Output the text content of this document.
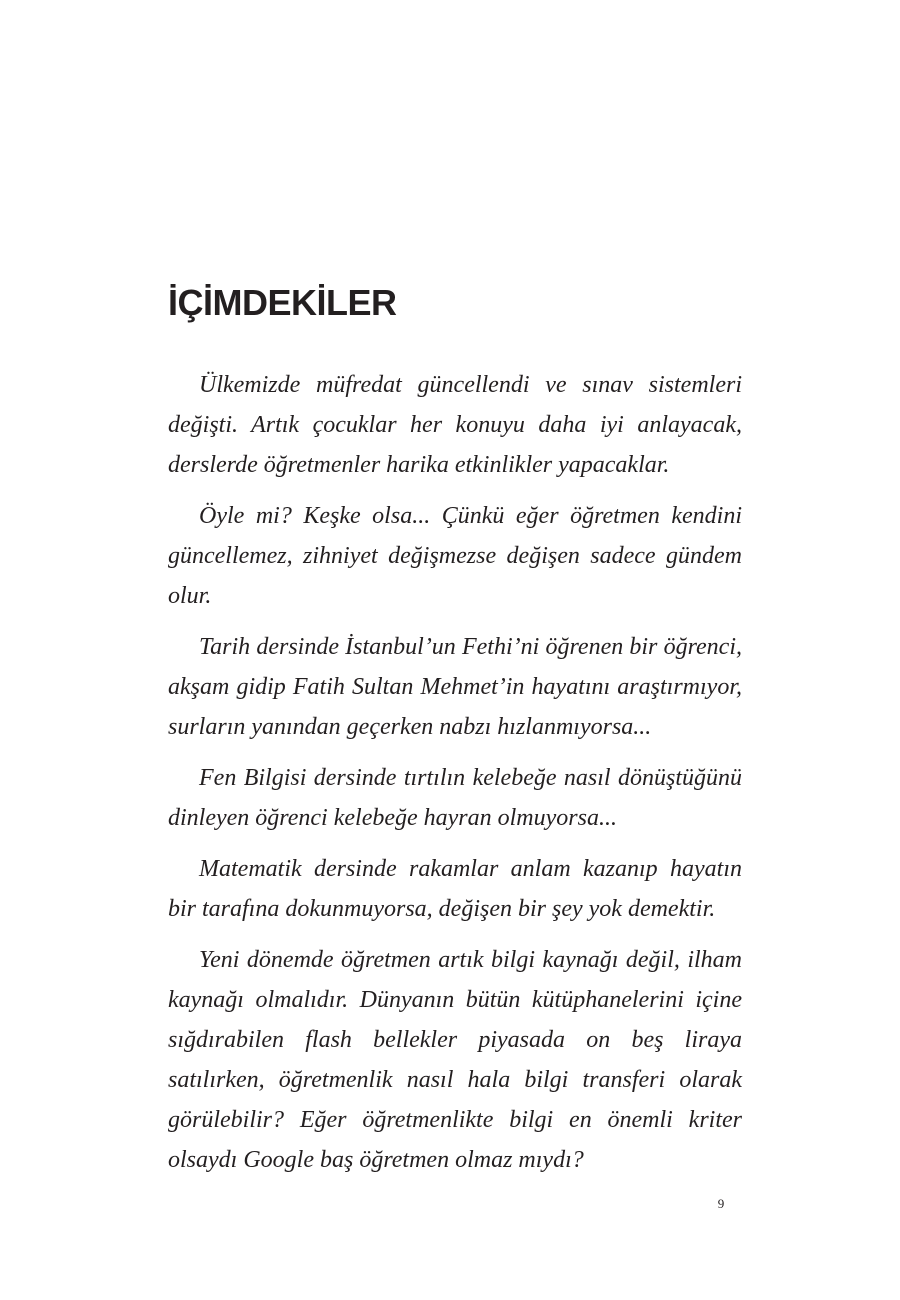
İÇİMDEKİLER

Ülkemizde müfredat güncellendi ve sınav sistemleri değişti. Artık çocuklar her konuyu daha iyi anlayacak, derslerde öğretmenler harika etkinlikler yapacaklar.

Öyle mi? Keşke olsa... Çünkü eğer öğretmen kendini güncellemez, zihniyet değişmezse değişen sadece gündem olur.

Tarih dersinde İstanbul’un Fethi’ni öğrenen bir öğrenci, akşam gidip Fatih Sultan Mehmet’in hayatını araştırmıyor, surların yanından geçerken nabzı hızlanmıyorsa...

Fen Bilgisi dersinde tırtılın kelebeğe nasıl dönüştüğünü dinleyen öğrenci kelebeğe hayran olmuyorsa...

Matematik dersinde rakamlar anlam kazanıp hayatın bir tarafına dokunmuyorsa, değişen bir şey yok demektir.

Yeni dönemde öğretmen artık bilgi kaynağı değil, ilham kaynağı olmalıdır. Dünyanın bütün kütüphanelerini içine sığdırabilen flash bellekler piyasada on beş liraya satılırken, öğretmenlik nasıl hala bilgi transferi olarak görülebilir? Eğer öğretmenlikte bilgi en önemli kriter olsaydı Google baş öğretmen olmaz mıydı?

9
